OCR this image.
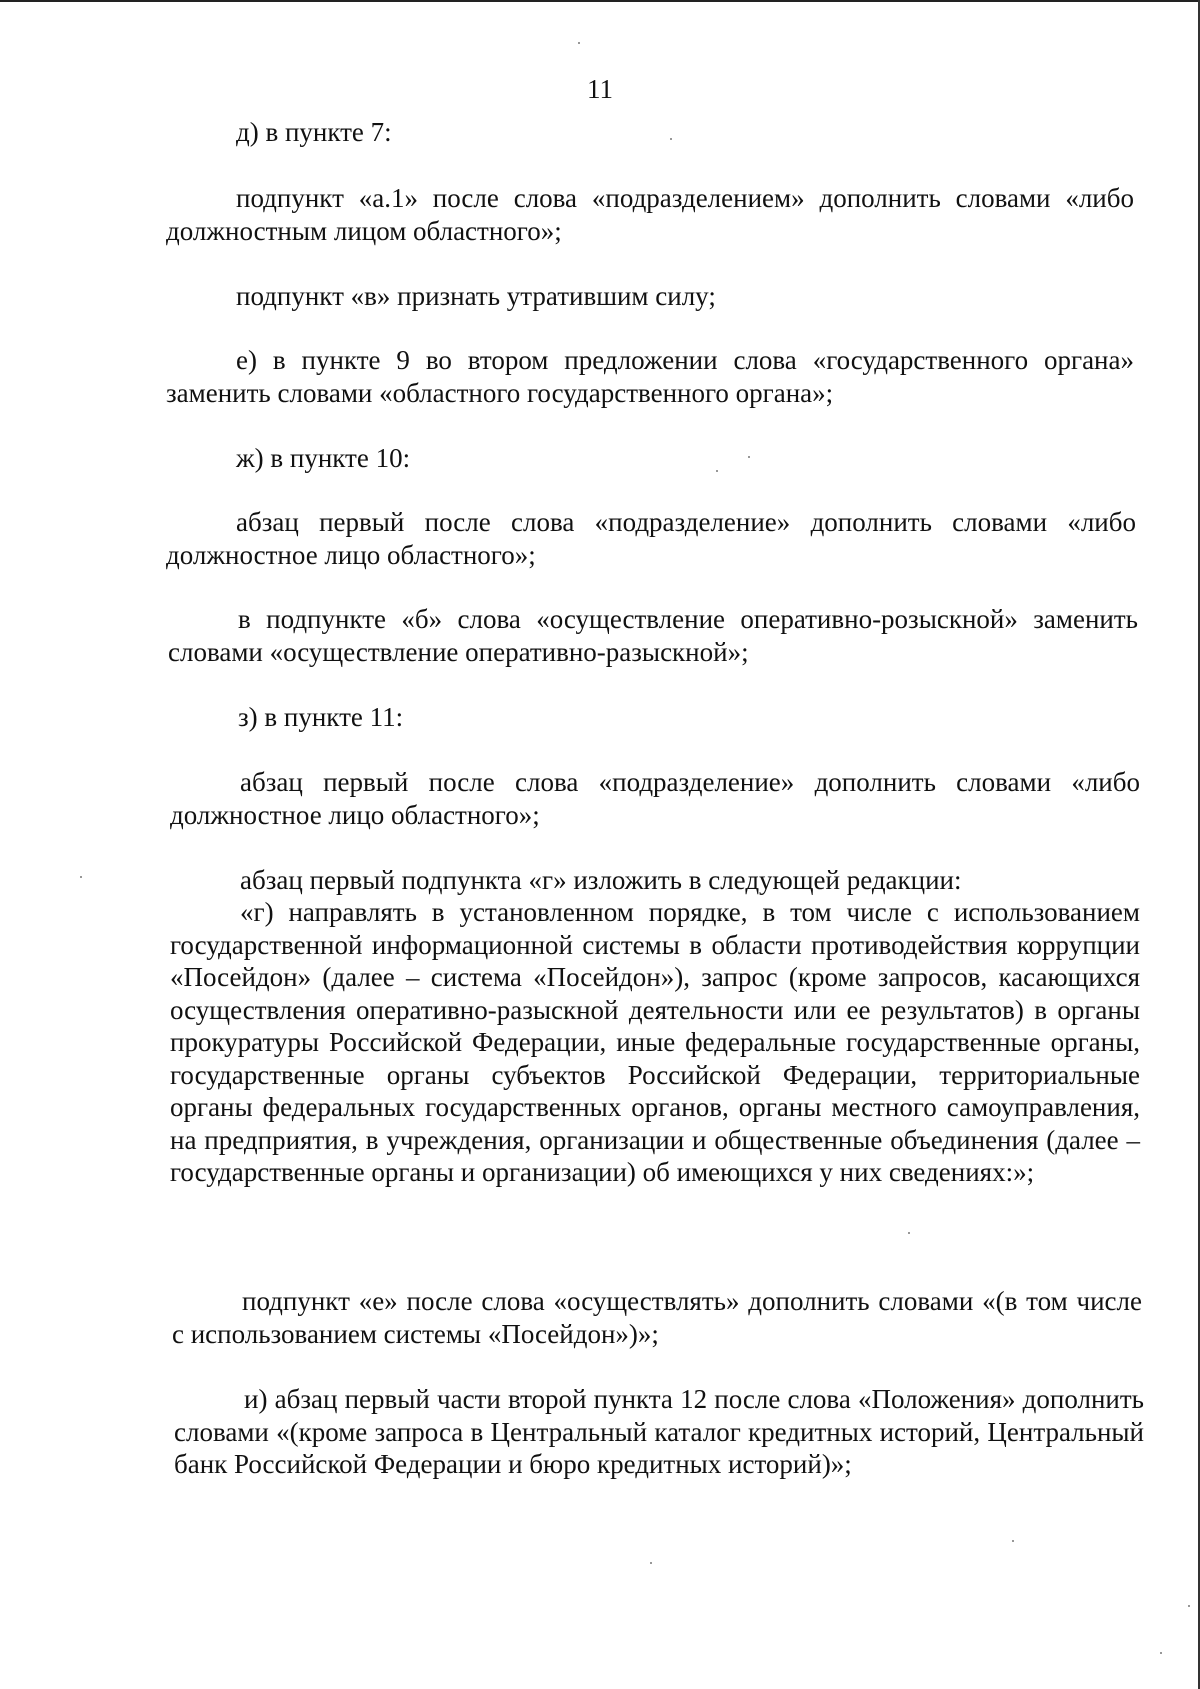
11

д) в пункте 7:

подпункт «а.1» после слова «подразделением» дополнить словами «либо должностным лицом областного»;

подпункт «в» признать утратившим силу;

е) в пункте 9 во втором предложении слова «государственного органа» заменить словами «областного государственного органа»;

ж) в пункте 10:

абзац первый после слова «подразделение» дополнить словами «либо должностное лицо областного»;

в подпункте «б» слова «осуществление оперативно-розыскной» заменить словами «осуществление оперативно-разыскной»;

з) в пункте 11:

абзац первый после слова «подразделение» дополнить словами «либо должностное лицо областного»;

абзац первый подпункта «г» изложить в следующей редакции:

«г) направлять в установленном порядке, в том числе с использованием государственной информационной системы в области противодействия коррупции «Посейдон» (далее – система «Посейдон»), запрос (кроме запросов, касающихся осуществления оперативно-разыскной деятельности или ее результатов) в органы прокуратуры Российской Федерации, иные федеральные государственные органы, государственные органы субъектов Российской Федерации, территориальные органы федеральных государственных органов, органы местного самоуправления, на предприятия, в учреждения, организации и общественные объединения (далее – государственные органы и организации) об имеющихся у них сведениях:»;

подпункт «е» после слова «осуществлять» дополнить словами «(в том числе с использованием системы «Посейдон»)»;

и) абзац первый части второй пункта 12 после слова «Положения» дополнить словами «(кроме запроса в Центральный каталог кредитных историй, Центральный банк Российской Федерации и бюро кредитных историй)»;
